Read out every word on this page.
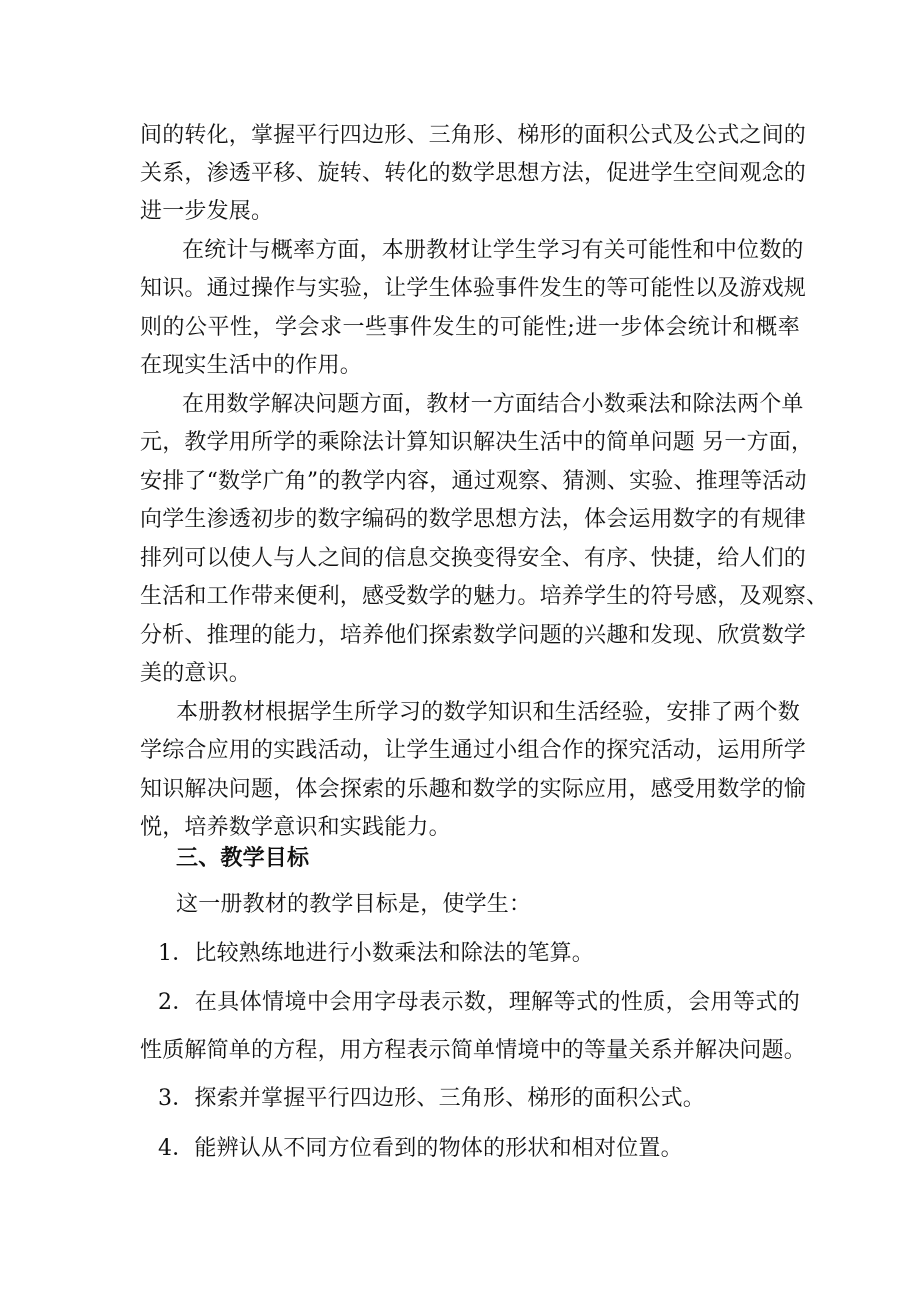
间的转化，掌握平行四边形、三角形、梯形的面积公式及公式之间的
关系，渗透平移、旋转、转化的数学思想方法，促进学生空间观念的
进一步发展。
在统计与概率方面，本册教材让学生学习有关可能性和中位数的
知识。通过操作与实验，让学生体验事件发生的等可能性以及游戏规
则的公平性，学会求一些事件发生的可能性;进一步体会统计和概率
在现实生活中的作用。
在用数学解决问题方面，教材一方面结合小数乘法和除法两个单
元，教学用所学的乘除法计算知识解决生活中的简单问题 另一方面，
安排了“数学广角”的教学内容，通过观察、猜测、实验、推理等活动
向学生渗透初步的数字编码的数学思想方法，体会运用数字的有规律
排列可以使人与人之间的信息交换变得安全、有序、快捷，给人们的
生活和工作带来便利，感受数学的魅力。培养学生的符号感，及观察、
分析、推理的能力，培养他们探索数学问题的兴趣和发现、欣赏数学
美的意识。
本册教材根据学生所学习的数学知识和生活经验，安排了两个数
学综合应用的实践活动，让学生通过小组合作的探究活动，运用所学
知识解决问题，体会探索的乐趣和数学的实际应用，感受用数学的愉
悦，培养数学意识和实践能力。
三、教学目标
这一册教材的教学目标是，使学生：
1．比较熟练地进行小数乘法和除法的笔算。
2．在具体情境中会用字母表示数，理解等式的性质，会用等式的
性质解简单的方程，用方程表示简单情境中的等量关系并解决问题。
3．探索并掌握平行四边形、三角形、梯形的面积公式。
4．能辨认从不同方位看到的物体的形状和相对位置。
